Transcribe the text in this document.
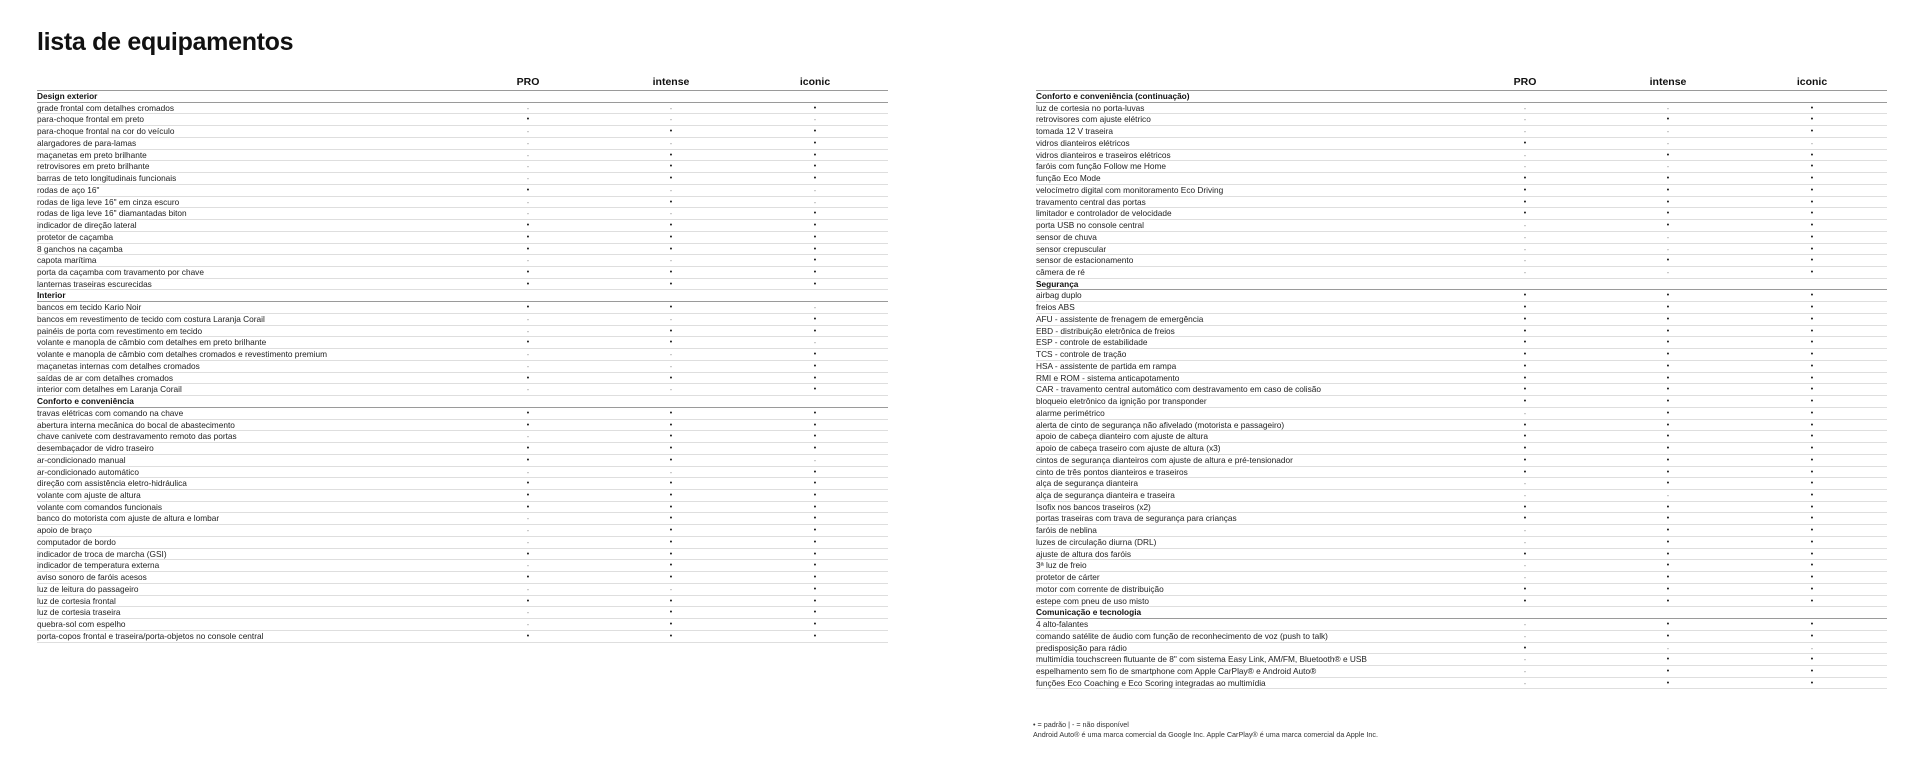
lista de equipamentos
PRO	intense	iconic
Design exterior
grade frontal com detalhes cromados	-	-	•
para-choque frontal em preto	•	-	-
para-choque frontal na cor do veículo	-	•	•
alargadores de para-lamas	-	-	•
maçanetas em preto brilhante	-	•	•
retrovisores em preto brilhante	-	•	•
barras de teto longitudinais funcionais	-	•	•
rodas de aço 16"	•	-	-
rodas de liga leve 16" em cinza escuro	-	•	-
rodas de liga leve 16" diamantadas biton	-	-	•
indicador de direção lateral	•	•	•
protetor de caçamba	•	•	•
8 ganchos na caçamba	•	•	•
capota marítima	-	-	•
porta da caçamba com travamento por chave	•	•	•
lanternas traseiras escurecidas	•	•	•
Interior
bancos em tecido Kario Noir	•	•	-
bancos em revestimento de tecido com costura Laranja Corail	-	-	•
painéis de porta com revestimento em tecido	-	•	•
volante e manopla de câmbio com detalhes em preto brilhante	•	•	-
volante e manopla de câmbio com detalhes cromados e revestimento premium	-	-	•
maçanetas internas com detalhes cromados	-	-	•
saídas de ar com detalhes cromados	•	•	•
interior com detalhes em Laranja Corail	-	-	•
Conforto e conveniência
travas elétricas com comando na chave	•	•	•
abertura interna mecânica do bocal de abastecimento	•	•	•
chave canivete com destravamento remoto das portas	-	•	•
desembaçador de vidro traseiro	•	•	•
ar-condicionado manual	•	•	-
ar-condicionado automático	-	-	•
direção com assistência eletro-hidráulica	•	•	•
volante com ajuste de altura	•	•	•
volante com comandos funcionais	•	•	•
banco do motorista com ajuste de altura e lombar	-	•	•
apoio de braço	-	•	•
computador de bordo	-	•	•
indicador de troca de marcha (GSI)	•	•	•
indicador de temperatura externa	-	•	•
aviso sonoro de faróis acesos	•	•	•
luz de leitura do passageiro	-	-	•
luz de cortesia frontal	•	•	•
luz de cortesia traseira	-	•	•
quebra-sol com espelho	-	•	•
porta-copos frontal e traseira/porta-objetos no console central	•	•	•
PRO	intense	iconic
Conforto e conveniência (continuação)
luz de cortesia no porta-luvas	-	-	•
retrovisores com ajuste elétrico	-	•	•
tomada 12 V traseira	-	-	•
vidros dianteiros elétricos	•	-	-
vidros dianteiros e traseiros elétricos	-	•	•
faróis com função Follow me Home	-	-	•
função Eco Mode	•	•	•
velocímetro digital com monitoramento Eco Driving	•	•	•
travamento central das portas	•	•	•
limitador e controlador de velocidade	•	•	•
porta USB no console central	-	•	•
sensor de chuva	-	-	•
sensor crepuscular	-	-	•
sensor de estacionamento	-	•	•
câmera de ré	-	-	•
Segurança
airbag duplo	•	•	•
freios ABS	•	•	•
AFU - assistente de frenagem de emergência	•	•	•
EBD - distribuição eletrônica de freios	•	•	•
ESP - controle de estabilidade	•	•	•
TCS - controle de tração	•	•	•
HSA - assistente de partida em rampa	•	•	•
RMI e ROM - sistema anticapotamento	•	•	•
CAR - travamento central automático com destravamento em caso de colisão	•	•	•
bloqueio eletrônico da ignição por transponder	•	•	•
alarme perimétrico	-	•	•
alerta de cinto de segurança não afivelado (motorista e passageiro)	•	•	•
apoio de cabeça dianteiro com ajuste de altura	•	•	•
apoio de cabeça traseiro com ajuste de altura (x3)	•	•	•
cintos de segurança dianteiros com ajuste de altura e pré-tensionador	•	•	•
cinto de três pontos dianteiros e traseiros	•	•	•
alça de segurança dianteira	-	•	•
alça de segurança dianteira e traseira	-	-	•
Isofix nos bancos traseiros (x2)	•	•	•
portas traseiras com trava de segurança para crianças	•	•	•
faróis de neblina	-	•	•
luzes de circulação diurna (DRL)	-	•	•
ajuste de altura dos faróis	•	•	•
3ª luz de freio	-	•	•
protetor de cárter	-	•	•
motor com corrente de distribuição	•	•	•
estepe com pneu de uso misto	•	•	•
Comunicação e tecnologia
4 alto-falantes	-	•	•
comando satélite de áudio com função de reconhecimento de voz (push to talk)	-	•	•
predisposição para rádio	•	-	-
multimídia touchscreen flutuante de 8" com sistema Easy Link, AM/FM, Bluetooth® e USB	-	•	•
espelhamento sem fio de smartphone com Apple CarPlay® e Android Auto®	-	•	•
funções Eco Coaching e Eco Scoring integradas ao multimídia	-	•	•
• = padrão | - = não disponível
Android Auto® é uma marca comercial da Google Inc. Apple CarPlay® é uma marca comercial da Apple Inc.
